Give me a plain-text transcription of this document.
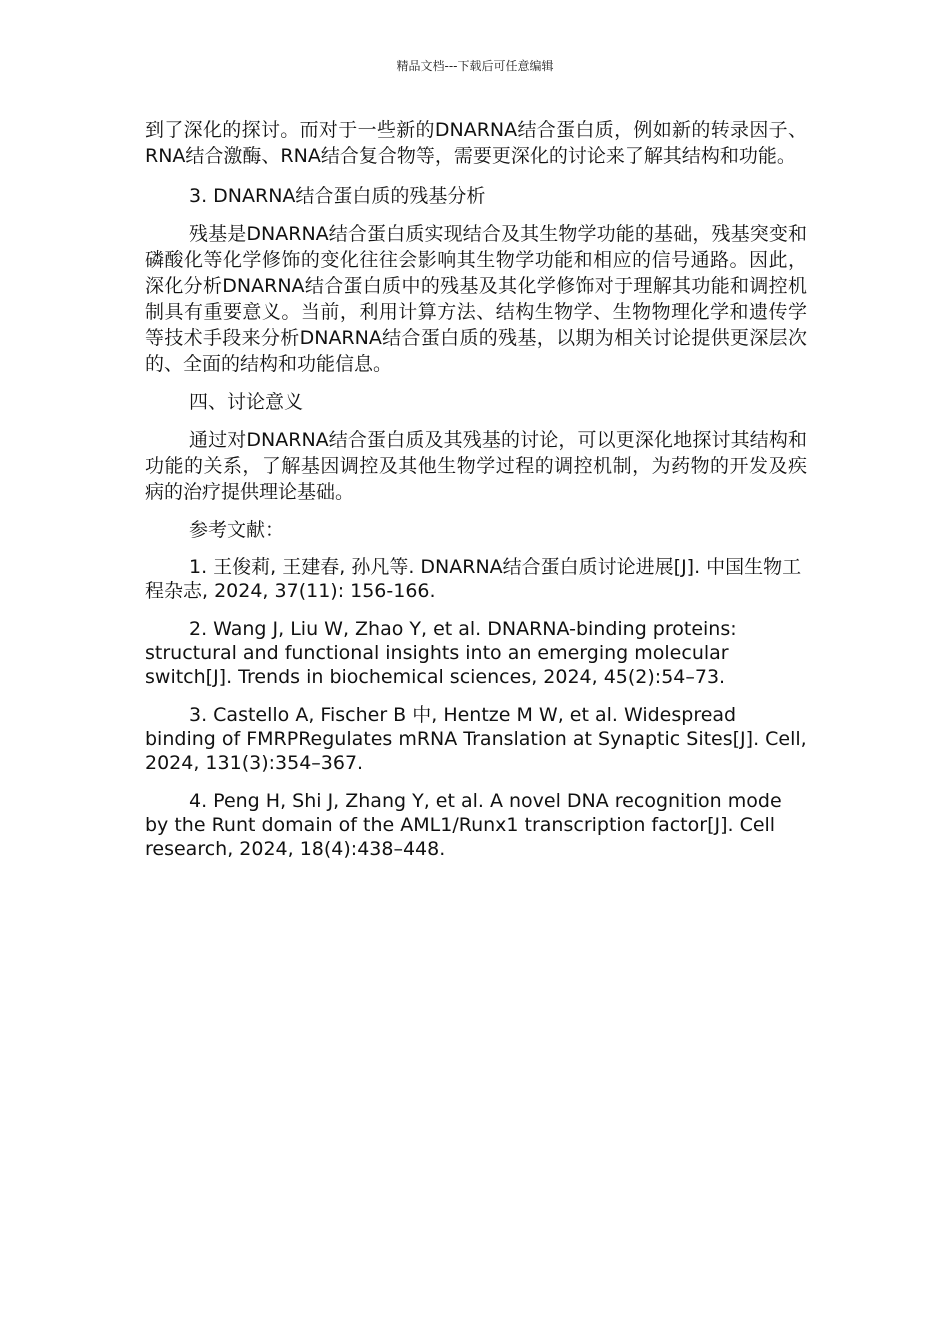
精品文档---下载后可任意编辑

到了深化的探讨。而对于一些新的DNARNA结合蛋白质，例如新的转录因子、RNA结合激酶、RNA结合复合物等，需要更深化的讨论来了解其结构和功能。

3. DNARNA结合蛋白质的残基分析

残基是DNARNA结合蛋白质实现结合及其生物学功能的基础，残基突变和磷酸化等化学修饰的变化往往会影响其生物学功能和相应的信号通路。因此，深化分析DNARNA结合蛋白质中的残基及其化学修饰对于理解其功能和调控机制具有重要意义。当前，利用计算方法、结构生物学、生物物理化学和遗传学等技术手段来分析DNARNA结合蛋白质的残基，以期为相关讨论提供更深层次的、全面的结构和功能信息。

四、讨论意义

通过对DNARNA结合蛋白质及其残基的讨论，可以更深化地探讨其结构和功能的关系，了解基因调控及其他生物学过程的调控机制，为药物的开发及疾病的治疗提供理论基础。

参考文献：

1. 王俊莉, 王建春, 孙凡等. DNARNA结合蛋白质讨论进展[J]. 中国生物工程杂志, 2024, 37(11): 156-166.

2. Wang J, Liu W, Zhao Y, et al. DNARNA-binding proteins: structural and functional insights into an emerging molecular switch[J]. Trends in biochemical sciences, 2024, 45(2):54–73.

3. Castello A, Fischer B 中, Hentze M W, et al. Widespread binding of FMRPRegulates mRNA Translation at Synaptic Sites[J]. Cell, 2024, 131(3):354–367.

4. Peng H, Shi J, Zhang Y, et al. A novel DNA recognition mode by the Runt domain of the AML1/Runx1 transcription factor[J]. Cell research, 2024, 18(4):438–448.
